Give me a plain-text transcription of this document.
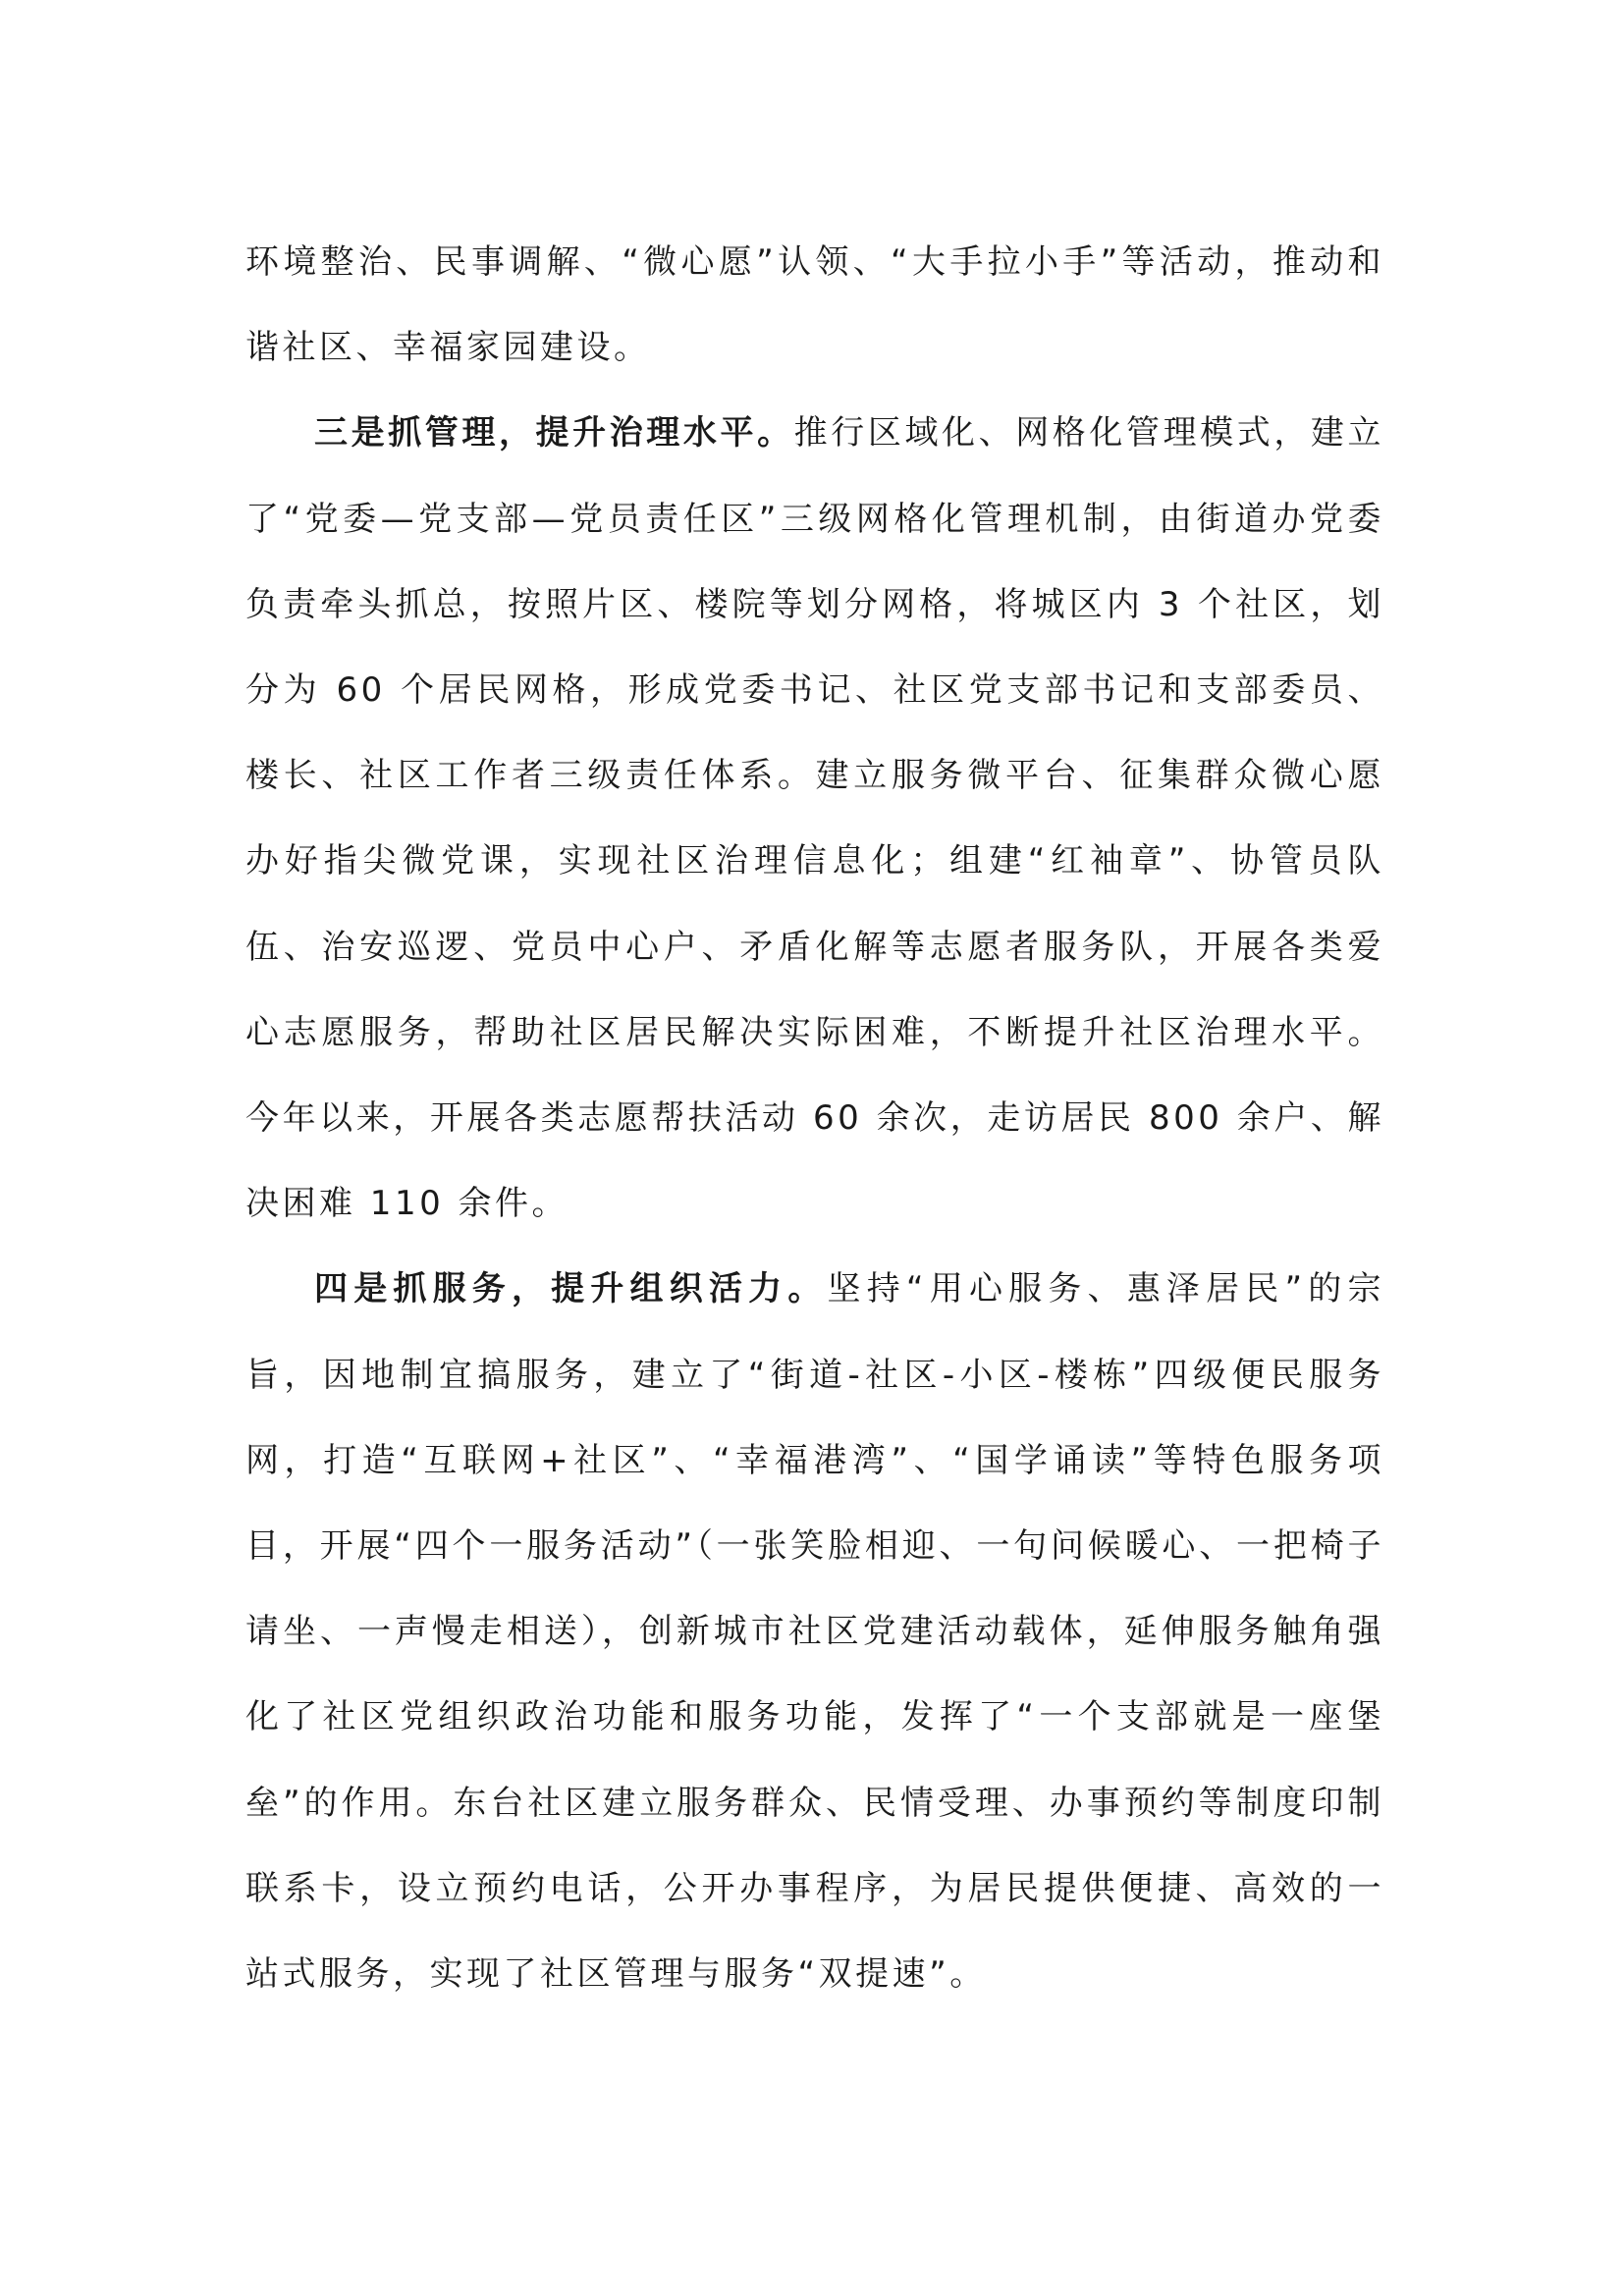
环境整治、民事调解、“微心愿”认领、“大手拉小手”等活动，推动和谐社区、幸福家园建设。

三是抓管理，提升治理水平。推行区域化、网格化管理模式，建立了“党委—党支部—党员责任区”三级网格化管理机制，由街道办党委负责牵头抓总，按照片区、楼院等划分网格，将城区内 3 个社区，划分为 60 个居民网格，形成党委书记、社区党支部书记和支部委员、楼长、社区工作者三级责任体系。建立服务微平台、征集群众微心愿办好指尖微党课，实现社区治理信息化；组建“红袖章”、协管员队伍、治安巡逻、党员中心户、矛盾化解等志愿者服务队，开展各类爱心志愿服务，帮助社区居民解决实际困难，不断提升社区治理水平。今年以来，开展各类志愿帮扶活动 60 余次，走访居民 800 余户、解决困难 110 余件。

四是抓服务，提升组织活力。坚持“用心服务、惠泽居民”的宗旨，因地制宜搞服务，建立了“街道-社区-小区-楼栋”四级便民服务网，打造“互联网+社区”、“幸福港湾”、“国学诵读”等特色服务项目，开展“四个一服务活动”（一张笑脸相迎、一句问候暖心、一把椅子请坐、一声慢走相送），创新城市社区党建活动载体，延伸服务触角强化了社区党组织政治功能和服务功能，发挥了“一个支部就是一座堡垒”的作用。东台社区建立服务群众、民情受理、办事预约等制度印制联系卡，设立预约电话，公开办事程序，为居民提供便捷、高效的一站式服务，实现了社区管理与服务“双提速”。
